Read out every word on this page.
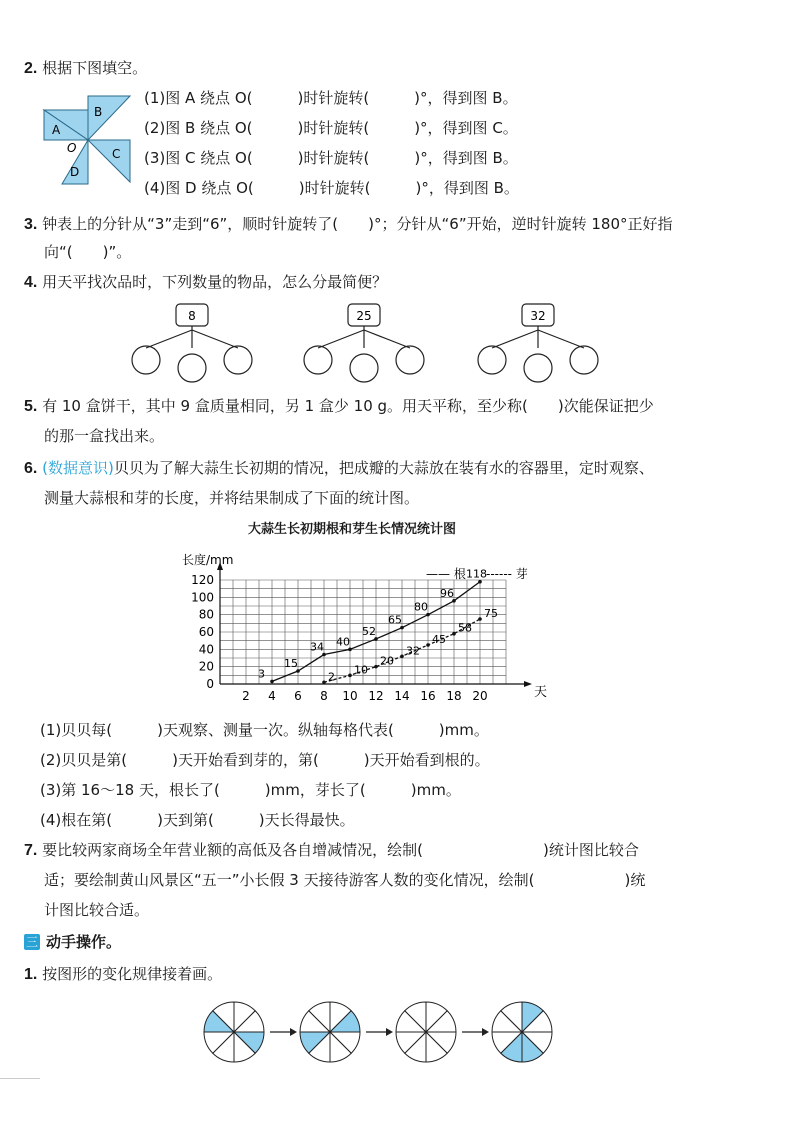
2. 根据下图填空。
A
B
C
D
O
(1)图 A 绕点 O(　　　)时针旋转(　　　)°，得到图 B。
(2)图 B 绕点 O(　　　)时针旋转(　　　)°，得到图 C。
(3)图 C 绕点 O(　　　)时针旋转(　　　)°，得到图 B。
(4)图 D 绕点 O(　　　)时针旋转(　　　)°，得到图 B。
3. 钟表上的分针从“3”走到“6”，顺时针旋转了(　　)°；分针从“6”开始，逆时针旋转 180°正好指
向“(　　)”。
4. 用天平找次品时，下列数量的物品，怎么分最简便？
8	25	32
5. 有 10 盒饼干，其中 9 盒质量相同，另 1 盒少 10 g。用天平称，至少称(　　)次能保证把少
的那一盒找出来。
6. (数据意识)贝贝为了解大蒜生长初期的情况，把成瓣的大蒜放在装有水的容器里，定时观察、
测量大蒜根和芽的长度，并将结果制成了下面的统计图。
大蒜生长初期根和芽生长情况统计图
0
20
40
60
80
100
120
2 4 6 8 10 12 14 16 18 20
3
15
34 40
52
65
80
96
118
2
10
20
32
45
58
75
长度/mm
天
—— 根 ------ 芽
(1)贝贝每(　　　)天观察、测量一次。纵轴每格代表(　　　)mm。
(2)贝贝是第(　　　)天开始看到芽的，第(　　　)天开始看到根的。
(3)第 16～18 天，根长了(　　　)mm，芽长了(　　　)mm。
(4)根在第(　　　)天到第(　　　)天长得最快。
7. 要比较两家商场全年营业额的高低及各自增减情况，绘制(　　　　　　　　)统计图比较合
适；要绘制黄山风景区“五一”小长假 3 天接待游客人数的变化情况，绘制(　　　　　　)统
计图比较合适。
三 动手操作。
1. 按图形的变化规律接着画。
